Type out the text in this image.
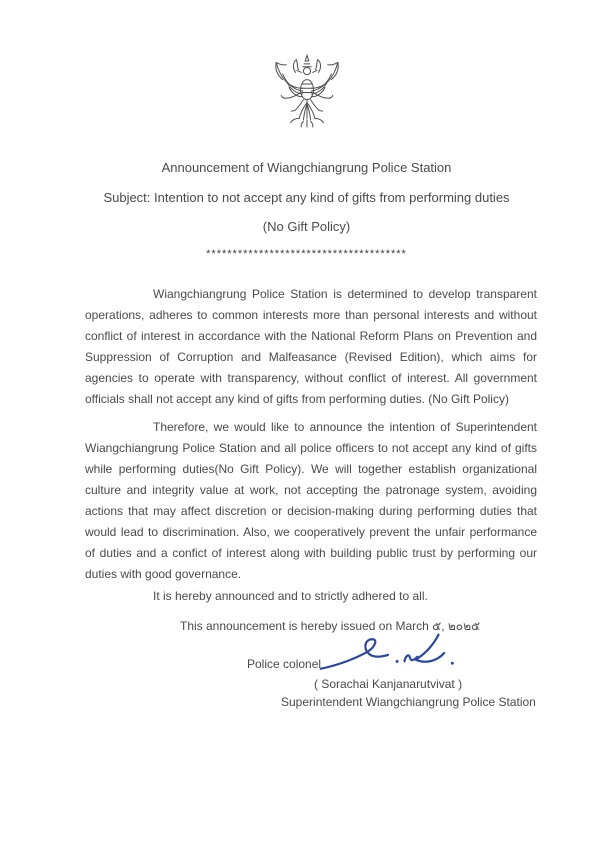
Announcement of Wiangchiangrung Police Station
Subject: Intention to not accept any kind of gifts from performing duties
(No Gift Policy)
**************************************

Wiangchiangrung Police Station is determined to develop transparent operations, adheres to common interests more than personal interests and without conflict of interest in accordance with the National Reform Plans on Prevention and Suppression of Corruption and Malfeasance (Revised Edition), which aims for agencies to operate with transparency, without conflict of interest. All government officials shall not accept any kind of gifts from performing duties. (No Gift Policy)

Therefore, we would like to announce the intention of Superintendent Wiangchiangrung Police Station and all police officers to not accept any kind of gifts while performing duties(No Gift Policy). We will together establish organizational culture and integrity value at work, not accepting the patronage system, avoiding actions that may affect discretion or decision-making during performing duties that would lead to discrimination. Also, we cooperatively prevent the unfair performance of duties and a confict of interest along with building public trust by performing our duties with good governance.

It is hereby announced and to strictly adhered to all.

This announcement is hereby issued on March ๕, ๒๐๒๕

Police colonel
( Sorachai Kanjanarutvivat )
Superintendent Wiangchiangrung Police Station
